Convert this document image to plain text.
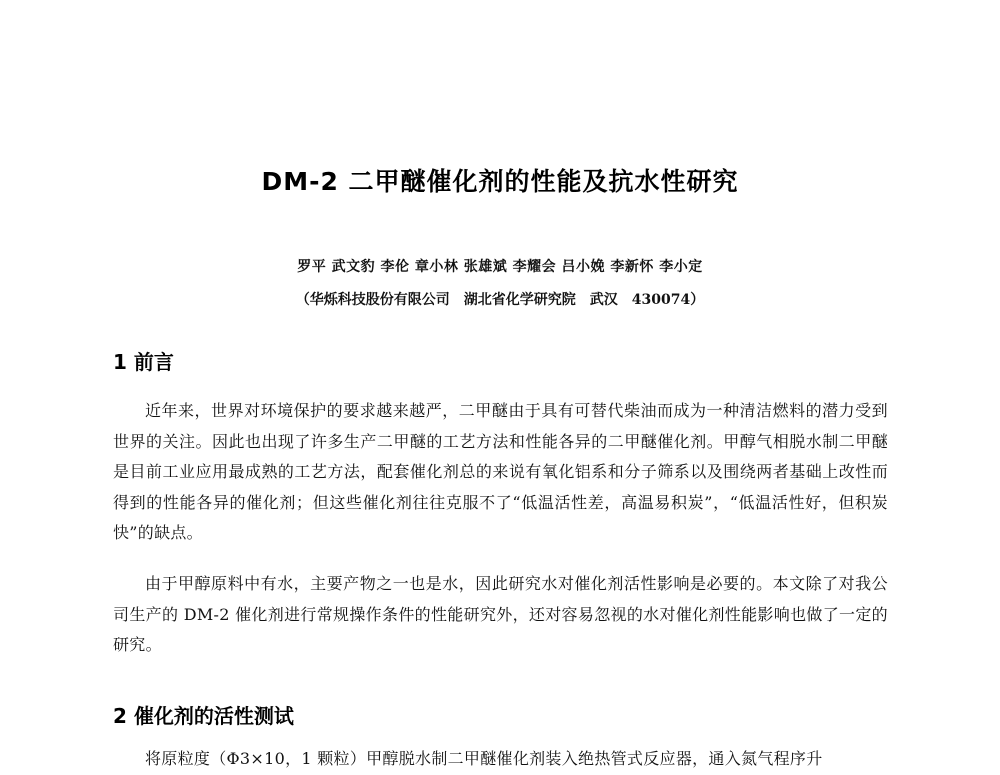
DM-2 二甲醚催化剂的性能及抗水性研究
罗平 武文豹 李伦 章小林 张雄斌 李耀会 吕小娩 李新怀 李小定
（华烁科技股份有限公司　湖北省化学研究院　武汉　430074）
1 前言

近年来，世界对环境保护的要求越来越严，二甲醚由于具有可替代柴油而成为一种清洁燃料的潜力受到世界的关注。因此也出现了许多生产二甲醚的工艺方法和性能各异的二甲醚催化剂。甲醇气相脱水制二甲醚是目前工业应用最成熟的工艺方法，配套催化剂总的来说有氧化铝系和分子筛系以及围绕两者基础上改性而得到的性能各异的催化剂；但这些催化剂往往克服不了“低温活性差，高温易积炭”，“低温活性好，但积炭快”的缺点。

由于甲醇原料中有水，主要产物之一也是水，因此研究水对催化剂活性影响是必要的。本文除了对我公司生产的 DM-2 催化剂进行常规操作条件的性能研究外，还对容易忽视的水对催化剂性能影响也做了一定的研究。

2 催化剂的活性测试

将原粒度（Φ3×10，1 颗粒）甲醇脱水制二甲醚催化剂装入绝热管式反应器，通入氮气程序升
